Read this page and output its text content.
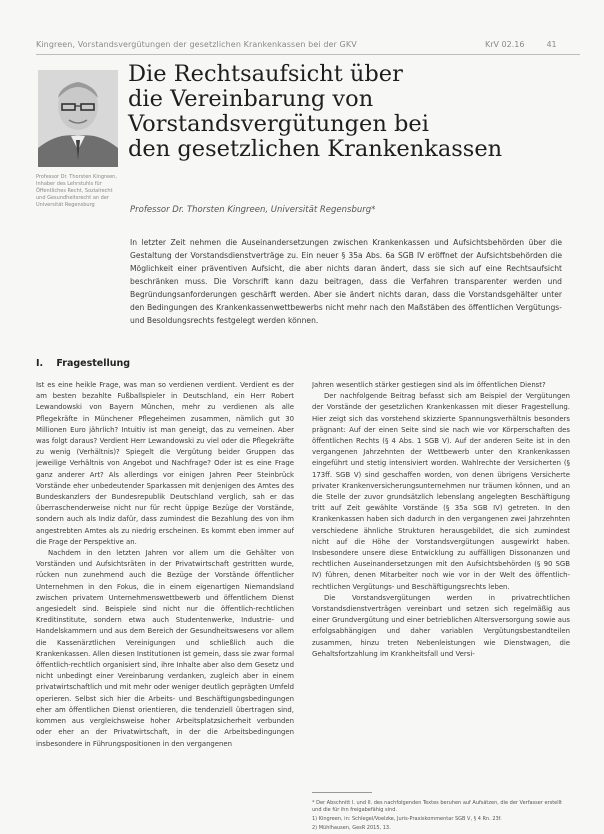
Kingreen, Vorstandsvergütungen der gesetzlichen Krankenkassen bei der GKV	KrV 02.16	41
Professor Dr. Thorsten Kingreen, Inhaber des Lehrstuhls für Öffentliches Recht, Sozialrecht und Gesundheitsrecht an der Universität Regensburg
Die Rechtsaufsicht über
die Vereinbarung von
Vorstandsvergütungen bei
den gesetzlichen Krankenkassen
Professor Dr. Thorsten Kingreen, Universität Regensburg*
In letzter Zeit nehmen die Auseinandersetzungen zwischen Krankenkassen und Aufsichtsbehörden über die Gestaltung der Vorstandsdienstverträge zu. Ein neuer § 35a Abs. 6a SGB IV eröffnet der Aufsichtsbehörden die Möglichkeit einer präventiven Aufsicht, die aber nichts daran ändert, dass sie sich auf eine Rechtsaufsicht beschränken muss. Die Vorschrift kann dazu beitragen, dass die Verfahren transparenter werden und Begründungsanforderungen geschärft werden. Aber sie ändert nichts daran, dass die Vorstandsgehälter unter den Bedingungen des Krankenkassenwettbewerbs nicht mehr nach den Maßstäben des öffentlichen Vergütungs- und Besoldungsrechts festgelegt werden können.
I. Fragestellung

Ist es eine heikle Frage, was man so verdienen verdient. Verdient es der am besten bezahlte Fußballspieler in Deutschland, ein Herr Robert Lewandowski von Bayern München, mehr zu verdienen als alle Pflegekräfte in Münchener Pflegeheimen zusammen, nämlich gut 30 Millionen Euro jährlich? Intuitiv ist man geneigt, das zu verneinen. Aber was folgt daraus? Verdient Herr Lewandowski zu viel oder die Pflegekräfte zu wenig (Verhältnis)? Spiegelt die Vergütung beider Gruppen das jeweilige Verhältnis von Angebot und Nachfrage? Oder ist es eine Frage ganz anderer Art? Als allerdings vor einigen Jahren Peer Steinbrück Vorstände eher unbedeutender Sparkassen mit denjenigen des Amtes des Bundeskanzlers der Bundesrepublik Deutschland verglich, sah er das überraschenderweise nicht nur für recht üppige Bezüge der Vorstände, sondern auch als Indiz dafür, dass zumindest die Bezahlung des von ihm angestrebten Amtes als zu niedrig erscheinen. Es kommt eben immer auf die Frage der Perspektive an.

Nachdem in den letzten Jahren vor allem um die Gehälter von Vorständen und Aufsichtsräten in der Privatwirtschaft gestritten wurde, rücken nun zunehmend auch die Bezüge der Vorstände öffentlicher Unternehmen in den Fokus, die in einem eigenartigen Niemandsland zwischen privatem Unternehmenswettbewerb und öffentlichem Dienst angesiedelt sind. Beispiele sind nicht nur die öffentlich-rechtlichen Kreditinstitute, sondern etwa auch Studentenwerke, Industrie- und Handelskammern und aus dem Bereich der Gesundheitswesens vor allem die Kassenärztlichen Vereinigungen und schließlich auch die Krankenkassen. Allen diesen Institutionen ist gemein, dass sie zwar formal öffentlich-rechtlich organisiert sind, ihre Inhalte aber also dem Gesetz und nicht unbedingt einer Vereinbarung verdanken, zugleich aber in einem privatwirtschaftlich und mit mehr oder weniger deutlich geprägten Umfeld operieren. Selbst sich hier die Arbeits- und Beschäftigungsbedingungen eher am öffentlichen Dienst orientieren, die tendenziell übertragen sind, kommen aus vergleichsweise hoher Arbeitsplatzsicherheit verbunden oder eher an der Privatwirtschaft, in der die Arbeitsbedingungen insbesondere in Führungspositionen in den vergangenen

Jahren wesentlich stärker gestiegen sind als im öffentlichen Dienst?

Der nachfolgende Beitrag befasst sich am Beispiel der Vergütungen der Vorstände der gesetzlichen Krankenkassen mit dieser Fragestellung. Hier zeigt sich das vorstehend skizzierte Spannungsverhältnis besonders prägnant: Auf der einen Seite sind sie nach wie vor Körperschaften des öffentlichen Rechts (§ 4 Abs. 1 SGB V). Auf der anderen Seite ist in den vergangenen Jahrzehnten der Wettbewerb unter den Krankenkassen eingeführt und stetig intensiviert worden. Wahlrechte der Versicherten (§ 173ff. SGB V) sind geschaffen worden, von denen übrigens Versicherte privater Krankenversicherungsunternehmen nur träumen können, und an die Stelle der zuvor grundsätzlich lebenslang angelegten Beschäftigung tritt auf Zeit gewählte Vorstände (§ 35a SGB IV) getreten. In den Krankenkassen haben sich dadurch in den vergangenen zwei Jahrzehnten verschiedene ähnliche Strukturen herausgebildet, die sich zumindest nicht auf die Höhe der Vorstandsvergütungen ausgewirkt haben. Insbesondere unsere diese Entwicklung zu auffälligen Dissonanzen und rechtlichen Auseinandersetzungen mit den Aufsichtsbehörden (§ 90 SGB IV) führen, denen Mitarbeiter noch wie vor in der Welt des öffentlich-rechtlichen Vergütungs- und Beschäftigungsrechts leben.

Die Vorstandsvergütungen werden in privatrechtlichen Vorstandsdienstverträgen vereinbart und setzen sich regelmäßig aus einer Grundvergütung und einer betrieblichen Altersversorgung sowie aus erfolgsabhängigen und daher variablen Vergütungsbestandteilen zusammen, hinzu treten Nebenleistungen wie Dienstwagen, die Gehaltsfortzahlung im Krankheitsfall und Versi-

* Der Abschnitt I. und II. des nachfolgenden Textes beruhen auf Aufsätzen, die der Verfasser erstellt und die für ihn freigabefähig sind.

1) Kingreen, in: Schlegel/Voelzke, Juris-Praxiskommentar SGB V, § 4 Rn. 23f.

2) Mühlhausen, GesR 2015, 13.
